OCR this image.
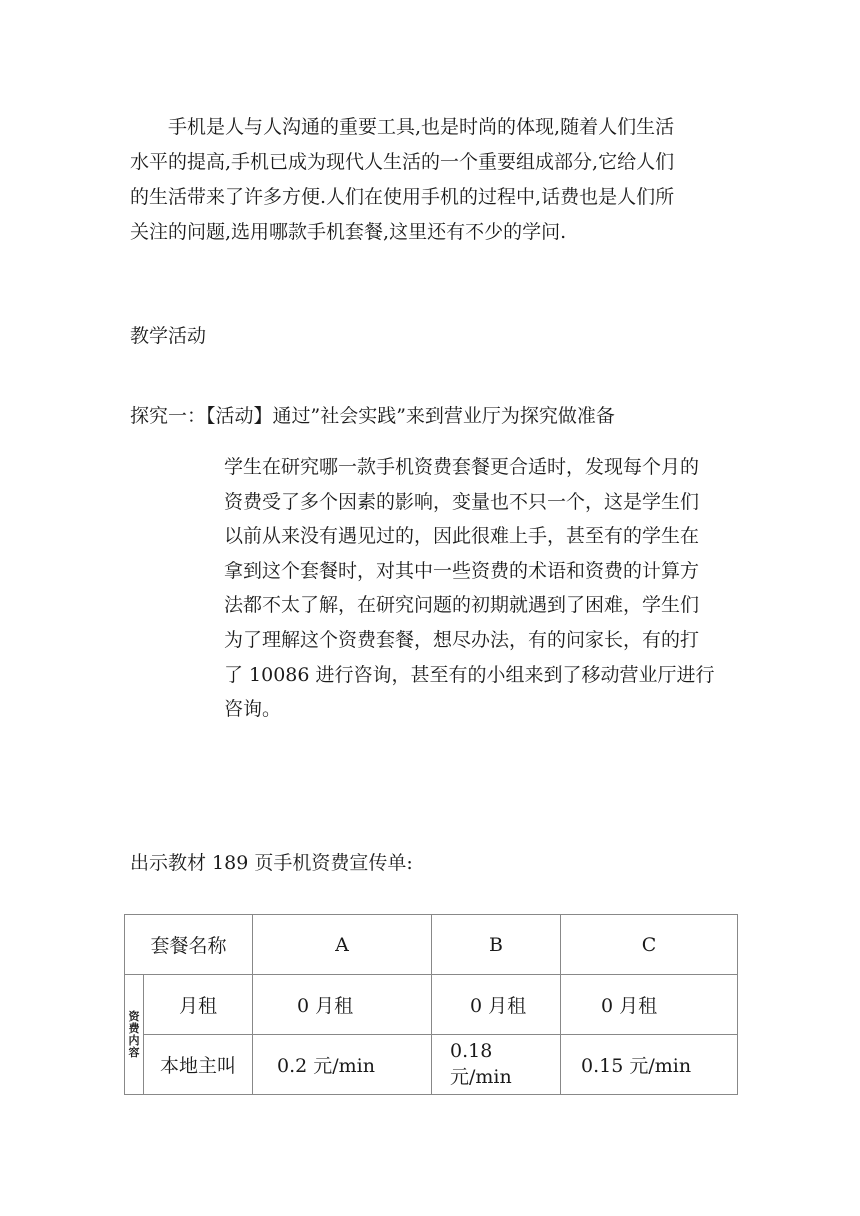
手机是人与人沟通的重要工具,也是时尚的体现,随着人们生活
水平的提高,手机已成为现代人生活的一个重要组成部分,它给人们
的生活带来了许多方便.人们在使用手机的过程中,话费也是人们所
关注的问题,选用哪款手机套餐,这里还有不少的学问.

教学活动

探究一：【活动】通过”社会实践”来到营业厅为探究做准备

学生在研究哪一款手机资费套餐更合适时，发现每个月的
资费受了多个因素的影响，变量也不只一个，这是学生们
以前从来没有遇见过的，因此很难上手，甚至有的学生在
拿到这个套餐时，对其中一些资费的术语和资费的计算方
法都不太了解，在研究问题的初期就遇到了困难，学生们
为了理解这个资费套餐，想尽办法，有的问家长，有的打
了 10086 进行咨询，甚至有的小组来到了移动营业厅进行
咨询。

出示教材 189 页手机资费宣传单:

套餐名称		A	B	C

资
费
内
容	月租	0 月租	0 月租	0 月租
	本地主叫	0.2 元/min	0.18 元/min	0.15 元/min
